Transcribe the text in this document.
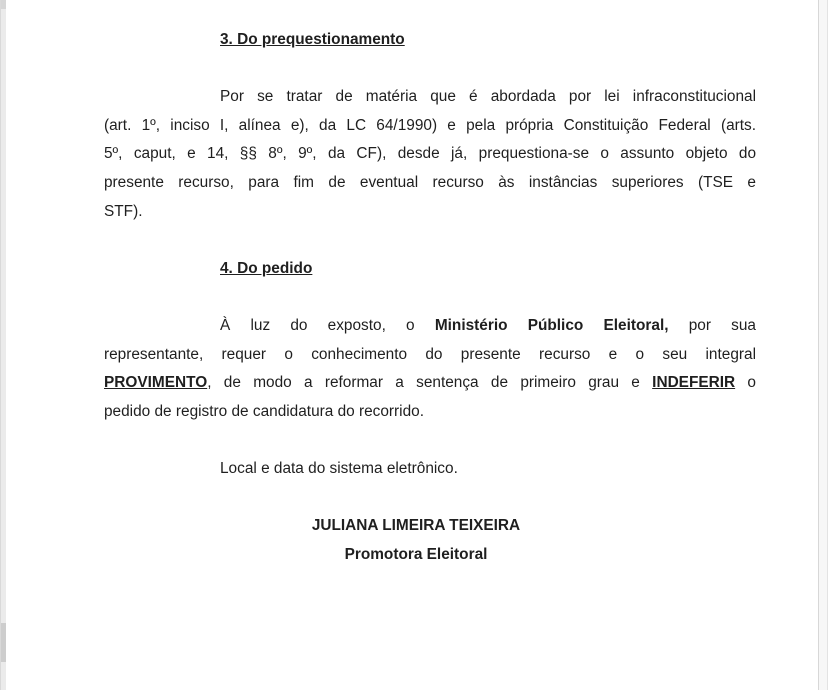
3. Do prequestionamento
Por se tratar de matéria que é abordada por lei infraconstitucional
(art. 1º, inciso I, alínea e), da LC 64/1990) e pela própria Constituição Federal (arts.
5º, caput, e 14, §§ 8º, 9º, da CF), desde já, prequestiona-se o assunto objeto do
presente recurso, para fim de eventual recurso às instâncias superiores (TSE e
STF).
4. Do pedido
À luz do exposto, o Ministério Público Eleitoral, por sua
representante, requer o conhecimento do presente recurso e o seu integral
PROVIMENTO, de modo a reformar a sentença de primeiro grau e INDEFERIR o
pedido de registro de candidatura do recorrido.
Local e data do sistema eletrônico.
JULIANA LIMEIRA TEIXEIRA
Promotora Eleitoral
